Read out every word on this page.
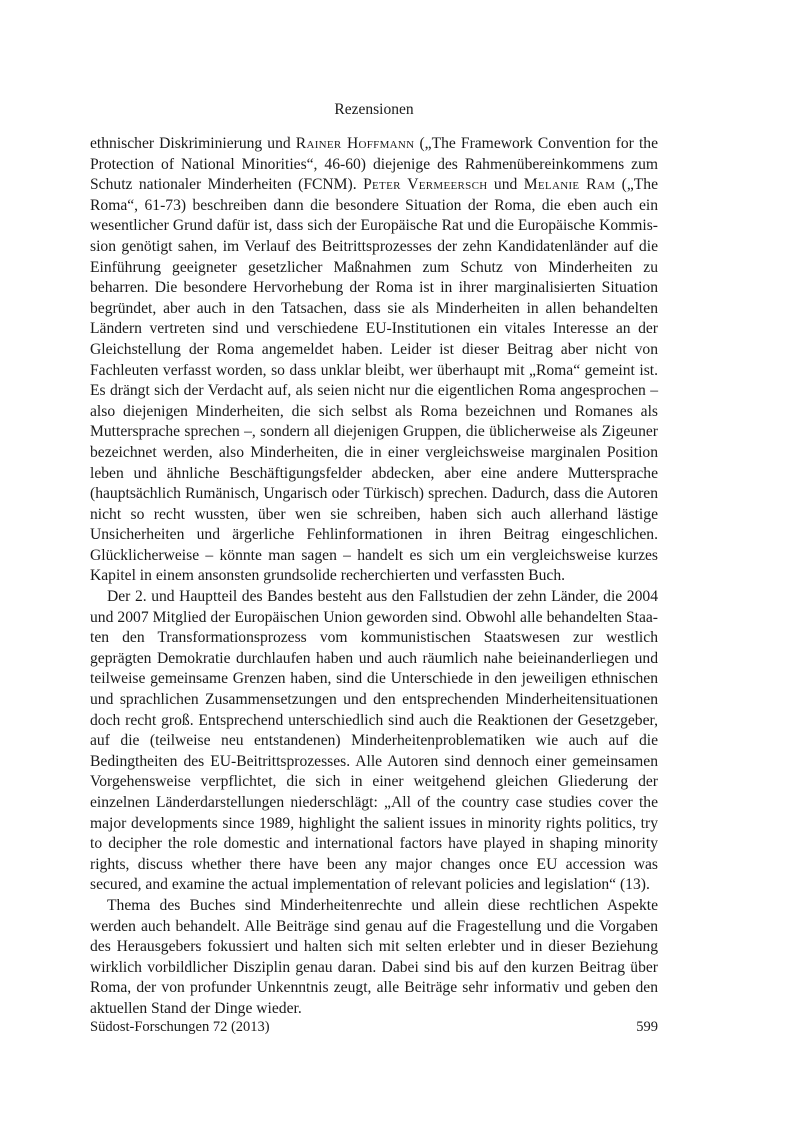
Rezensionen

ethnischer Diskriminierung und Rainer Hoffmann („The Framework Convention for the Protection of National Minorities“, 46-60) diejenige des Rahmenübereinkommens zum Schutz nationaler Minderheiten (FCNM). Peter Vermeersch und Melanie Ram („The Roma“, 61-73) beschreiben dann die besondere Situation der Roma, die eben auch ein wesentlicher Grund dafür ist, dass sich der Europäische Rat und die Europäische Kommission genötigt sahen, im Verlauf des Beitrittsprozesses der zehn Kandidatenländer auf die Einführung geeigneter gesetzlicher Maßnahmen zum Schutz von Minderheiten zu beharren. Die besondere Hervorhebung der Roma ist in ihrer marginalisierten Situation begründet, aber auch in den Tatsachen, dass sie als Minderheiten in allen behandelten Ländern vertreten sind und verschiedene EU-Institutionen ein vitales Interesse an der Gleichstellung der Roma angemeldet haben. Leider ist dieser Beitrag aber nicht von Fachleuten verfasst worden, so dass unklar bleibt, wer überhaupt mit „Roma“ gemeint ist. Es drängt sich der Verdacht auf, als seien nicht nur die eigentlichen Roma angesprochen – also diejenigen Minderheiten, die sich selbst als Roma bezeichnen und Romanes als Muttersprache sprechen –, sondern all diejenigen Gruppen, die üblicherweise als Zigeuner bezeichnet werden, also Minderheiten, die in einer vergleichsweise marginalen Position leben und ähnliche Beschäftigungsfelder abdecken, aber eine andere Muttersprache (hauptsächlich Rumänisch, Ungarisch oder Türkisch) sprechen. Dadurch, dass die Autoren nicht so recht wussten, über wen sie schreiben, haben sich auch allerhand lästige Unsicherheiten und ärgerliche Fehlinformationen in ihren Beitrag eingeschlichen. Glücklicherweise – könnte man sagen – handelt es sich um ein vergleichsweise kurzes Kapitel in einem ansonsten grundsolide recherchierten und verfassten Buch.

Der 2. und Hauptteil des Bandes besteht aus den Fallstudien der zehn Länder, die 2004 und 2007 Mitglied der Europäischen Union geworden sind. Obwohl alle behandelten Staaten den Transformationsprozess vom kommunistischen Staatswesen zur westlich geprägten Demokratie durchlaufen haben und auch räumlich nahe beieinanderliegen und teilweise gemeinsame Grenzen haben, sind die Unterschiede in den jeweiligen ethnischen und sprachlichen Zusammensetzungen und den entsprechenden Minderheitensituationen doch recht groß. Entsprechend unterschiedlich sind auch die Reaktionen der Gesetzgeber, auf die (teilweise neu entstandenen) Minderheitenproblematiken wie auch auf die Bedingtheiten des EU-Beitrittsprozesses. Alle Autoren sind dennoch einer gemeinsamen Vorgehensweise verpflichtet, die sich in einer weitgehend gleichen Gliederung der einzelnen Länderdarstellungen niederschlägt: „All of the country case studies cover the major developments since 1989, highlight the salient issues in minority rights politics, try to decipher the role domestic and international factors have played in shaping minority rights, discuss whether there have been any major changes once EU accession was secured, and examine the actual implementation of relevant policies and legislation“ (13).

Thema des Buches sind Minderheitenrechte und allein diese rechtlichen Aspekte werden auch behandelt. Alle Beiträge sind genau auf die Fragestellung und die Vorgaben des Herausgebers fokussiert und halten sich mit selten erlebter und in dieser Beziehung wirklich vorbildlicher Disziplin genau daran. Dabei sind bis auf den kurzen Beitrag über Roma, der von profunder Unkenntnis zeugt, alle Beiträge sehr informativ und geben den aktuellen Stand der Dinge wieder.

Südost-Forschungen 72 (2013)	599
